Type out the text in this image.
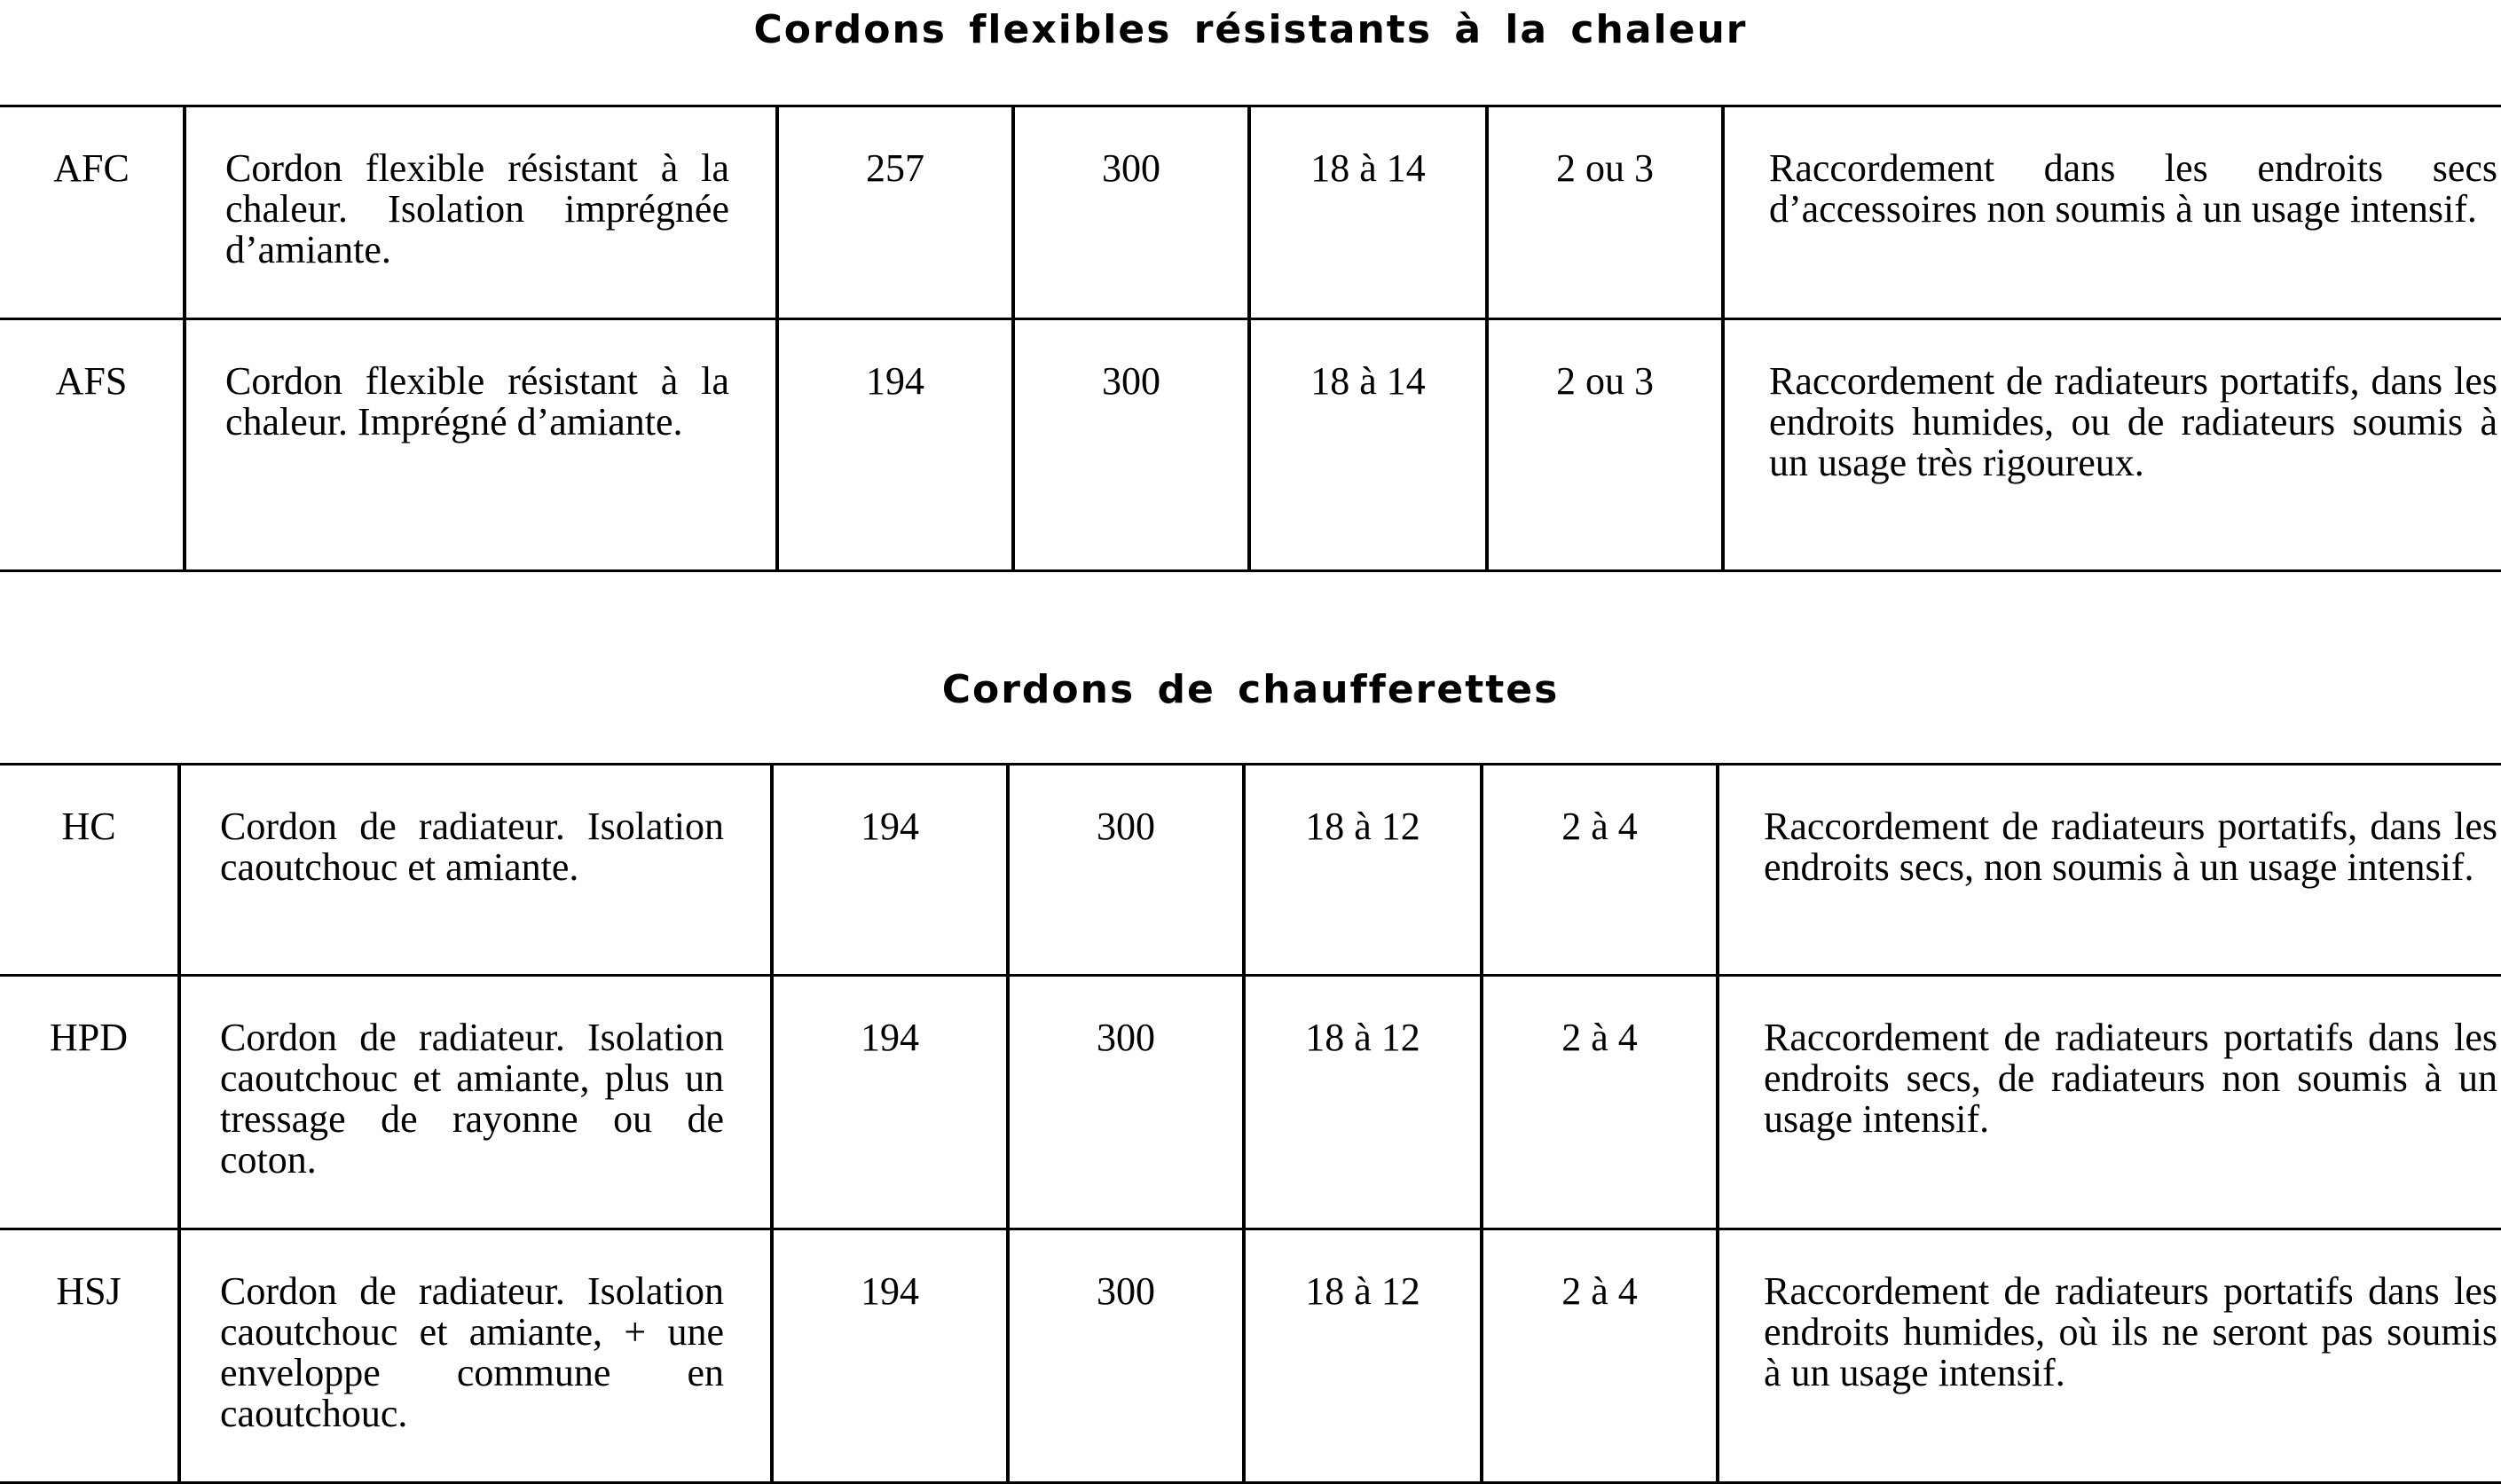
Cordons flexibles résistants à la chaleur
AFC	Cordon flexible résistant à la chaleur. Isolation imprégnée d’amiante.	257	300	18 à 14	2 ou 3	Raccordement dans les endroits secs d’accessoires non soumis à un usage intensif.
AFS	Cordon flexible résistant à la chaleur. Imprégné d’amiante.	194	300	18 à 14	2 ou 3	Raccordement de radiateurs portatifs, dans les endroits humides, ou de radiateurs soumis à un usage très rigoureux.
Cordons de chaufferettes
HC	Cordon de radiateur. Isolation caoutchouc et amiante.	194	300	18 à 12	2 à 4	Raccordement de radiateurs portatifs, dans les endroits secs, non soumis à un usage intensif.
HPD	Cordon de radiateur. Isolation caoutchouc et amiante, plus un tressage de rayonne ou de coton.	194	300	18 à 12	2 à 4	Raccordement de radiateurs portatifs dans les endroits secs, de radiateurs non soumis à un usage intensif.
HSJ	Cordon de radiateur. Isolation caoutchouc et amiante, + une enveloppe commune en caoutchouc.	194	300	18 à 12	2 à 4	Raccordement de radiateurs portatifs dans les endroits humides, où ils ne seront pas soumis à un usage intensif.
